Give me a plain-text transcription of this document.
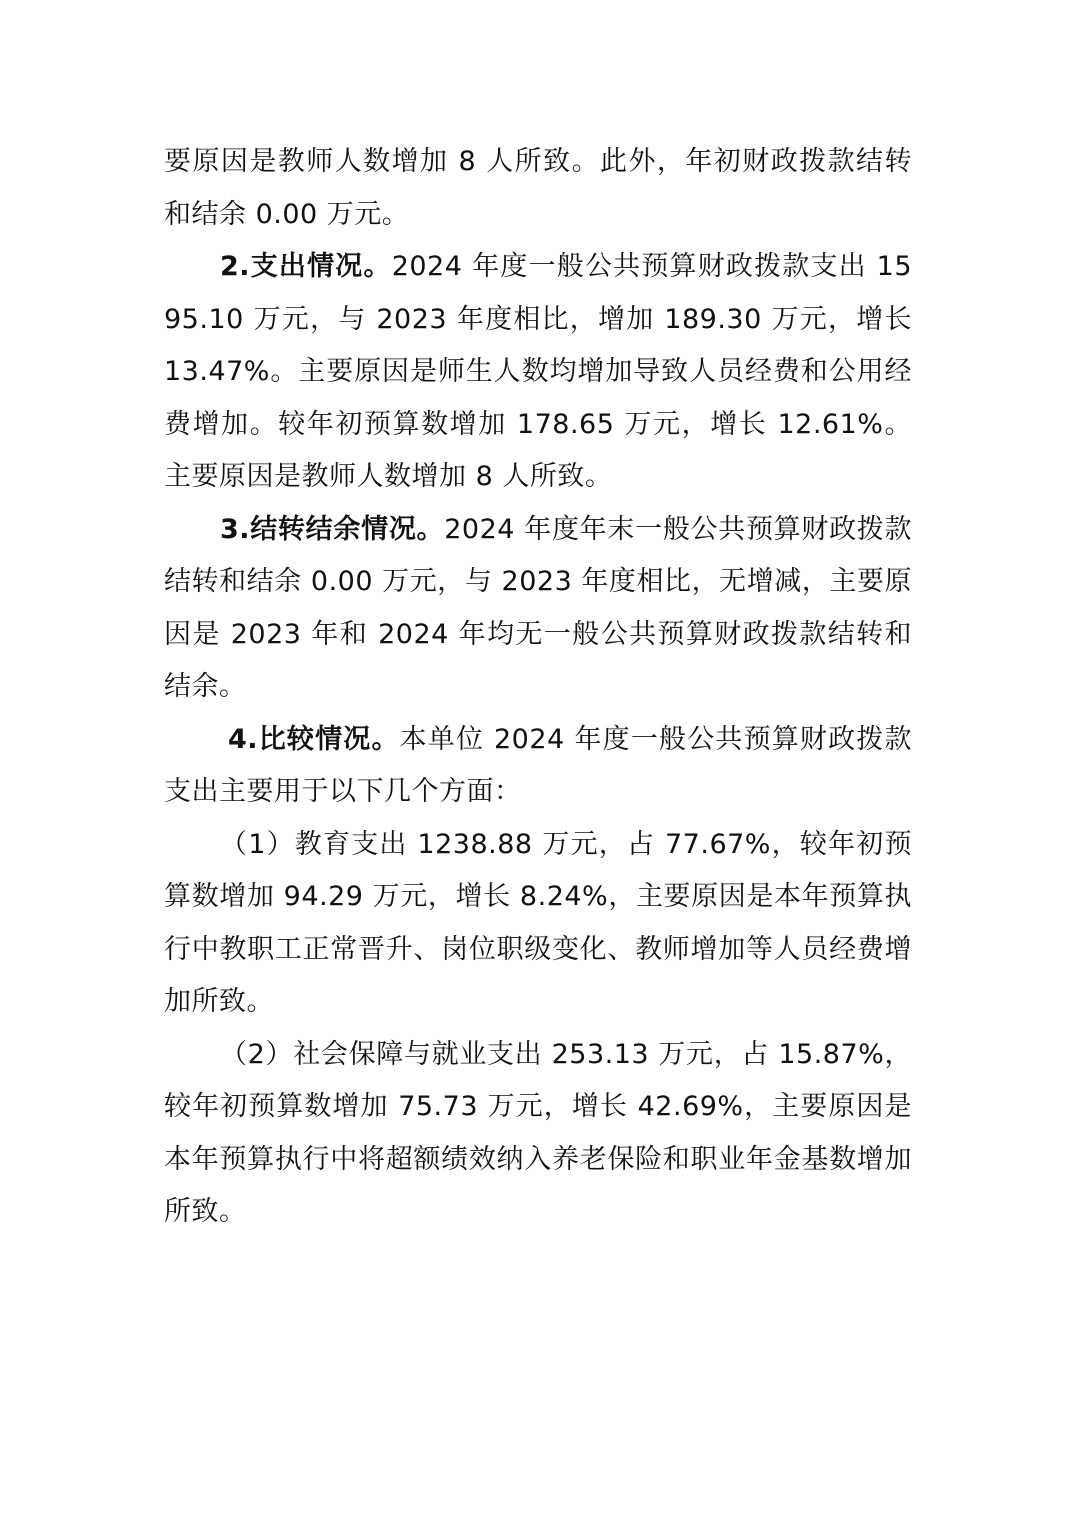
要原因是教师人数增加 8 人所致。此外，年初财政拨款结转和结余 0.00 万元。

2.支出情况。2024 年度一般公共预算财政拨款支出 1595.10 万元，与 2023 年度相比，增加 189.30 万元，增长 13.47%。主要原因是师生人数均增加导致人员经费和公用经费增加。较年初预算数增加 178.65 万元，增长 12.61%。主要原因是教师人数增加 8 人所致。

3.结转结余情况。2024 年度年末一般公共预算财政拨款结转和结余 0.00 万元，与 2023 年度相比，无增减，主要原因是 2023 年和 2024 年均无一般公共预算财政拨款结转和结余。

4.比较情况。本单位 2024 年度一般公共预算财政拨款支出主要用于以下几个方面：

（1）教育支出 1238.88 万元，占 77.67%，较年初预算数增加 94.29 万元，增长 8.24%，主要原因是本年预算执行中教职工正常晋升、岗位职级变化、教师增加等人员经费增加所致。

（2）社会保障与就业支出 253.13 万元，占 15.87%，较年初预算数增加 75.73 万元，增长 42.69%，主要原因是本年预算执行中将超额绩效纳入养老保险和职业年金基数增加所致。
